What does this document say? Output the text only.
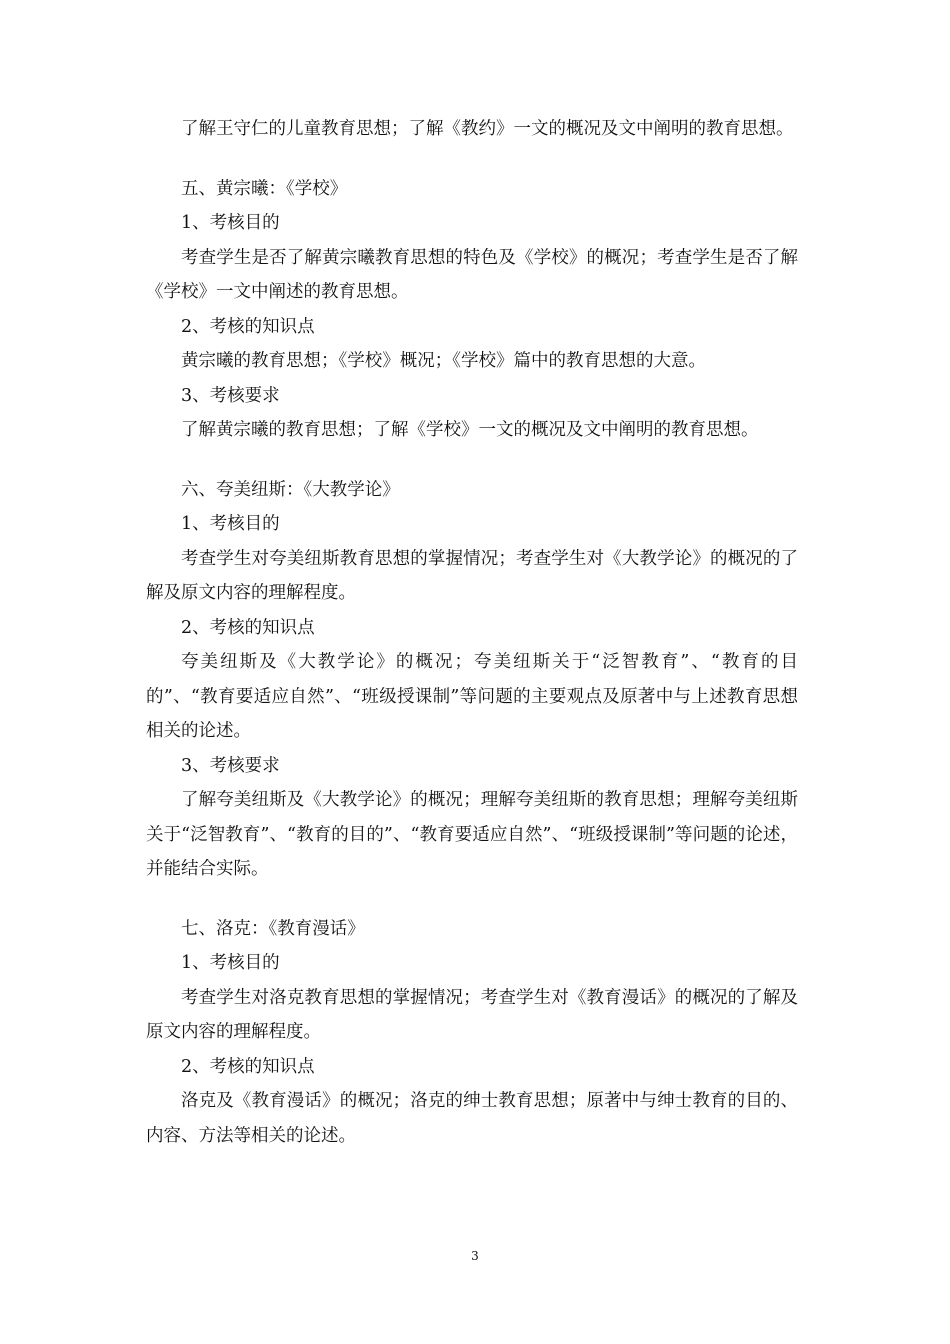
了解王守仁的儿童教育思想；了解《教约》一文的概况及文中阐明的教育思想。

五、黄宗曦：《学校》

1、考核目的

考查学生是否了解黄宗曦教育思想的特色及《学校》的概况；考查学生是否了解《学校》一文中阐述的教育思想。

2、考核的知识点

黄宗曦的教育思想；《学校》概况；《学校》篇中的教育思想的大意。

3、考核要求

了解黄宗曦的教育思想；了解《学校》一文的概况及文中阐明的教育思想。

六、夸美纽斯：《大教学论》

1、考核目的

考查学生对夸美纽斯教育思想的掌握情况；考查学生对《大教学论》的概况的了解及原文内容的理解程度。

2、考核的知识点

夸美纽斯及《大教学论》的概况；夸美纽斯关于“泛智教育”、“教育的目的”、“教育要适应自然”、“班级授课制”等问题的主要观点及原著中与上述教育思想相关的论述。

3、考核要求

了解夸美纽斯及《大教学论》的概况；理解夸美纽斯的教育思想；理解夸美纽斯关于“泛智教育”、“教育的目的”、“教育要适应自然”、“班级授课制”等问题的论述，并能结合实际。

七、洛克：《教育漫话》

1、考核目的

考查学生对洛克教育思想的掌握情况；考查学生对《教育漫话》的概况的了解及原文内容的理解程度。

2、考核的知识点

洛克及《教育漫话》的概况；洛克的绅士教育思想；原著中与绅士教育的目的、内容、方法等相关的论述。

3
